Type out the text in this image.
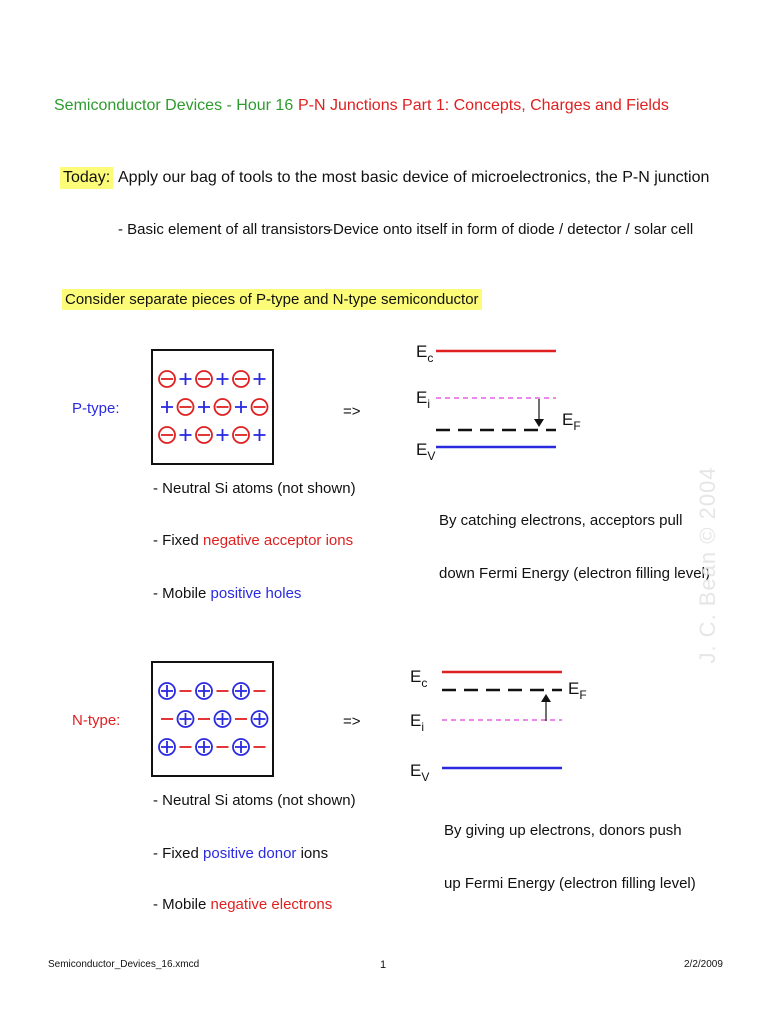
Semiconductor Devices - Hour 16 P-N Junctions Part 1: Concepts, Charges and Fields
Today: Apply our bag of tools to the most basic device of microelectronics, the P-N junction
- Basic element of all transistors
-Device onto itself in form of diode / detector / solar cell
Consider separate pieces of P-type and N-type semiconductor
P-type:	=>
$E_c$
$E_i$
$E_F$
$E_V$
- Neutral Si atoms (not shown)
- Fixed negative acceptor ions
- Mobile positive holes
By catching electrons, acceptors pull
down Fermi Energy (electron filling level)
N-type:	=>
$E_c$	$E_F$
$E_i$
$E_V$
- Neutral Si atoms (not shown)
- Fixed positive donor ions
- Mobile negative electrons
By giving up electrons, donors push
up Fermi Energy (electron filling level)
J. C. Bean © 2004
Semiconductor_Devices_16.xmcd	1	2/2/2009
